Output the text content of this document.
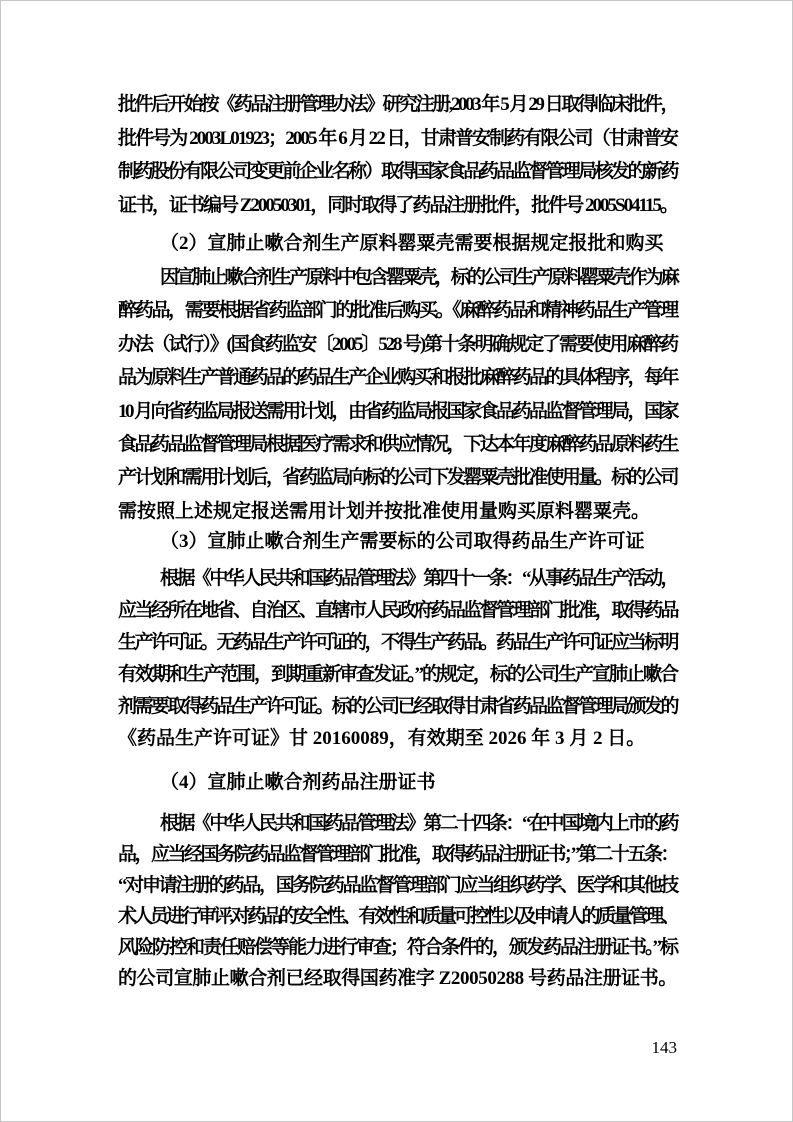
批件后开始按《药品注册管理办法》研究注册,2003 年 5 月 29 日取得临床批件，
批件号为 2003L01923；2005 年 6 月 22 日，甘肃普安制药有限公司（甘肃普安
制药股份有限公司变更前企业名称）取得国家食品药品监督管理局核发的新药
证书，证书编号 Z20050301，同时取得了药品注册批件，批件号 2005S04115。
（2）宣肺止嗽合剂生产原料罂粟壳需要根据规定报批和购买
因宣肺止嗽合剂生产原料中包含罂粟壳，标的公司生产原料罂粟壳作为麻
醉药品，需要根据省药监部门的批准后购买。《麻醉药品和精神药品生产管理
办法（试行）》(国食药监安〔2005〕528 号)第十条明确规定了需要使用麻醉药
品为原料生产普通药品的药品生产企业购买和报批麻醉药品的具体程序，每年
10 月向省药监局报送需用计划，由省药监局报国家食品药品监督管理局，国家
食品药品监督管理局根据医疗需求和供应情况，下达本年度麻醉药品原料药生
产计划和需用计划后，省药监局向标的公司下发罂粟壳批准使用量。标的公司
需按照上述规定报送需用计划并按批准使用量购买原料罂粟壳。
（3）宣肺止嗽合剂生产需要标的公司取得药品生产许可证
根据《中华人民共和国药品管理法》第四十一条：“从事药品生产活动，
应当经所在地省、自治区、直辖市人民政府药品监督管理部门批准，取得药品
生产许可证。无药品生产许可证的，不得生产药品。药品生产许可证应当标明
有效期和生产范围，到期重新审查发证。”的规定，标的公司生产宣肺止嗽合
剂需要取得药品生产许可证。标的公司已经取得甘肃省药品监督管理局颁发的
《药品生产许可证》甘 20160089，有效期至 2026 年 3 月 2 日。
（4）宣肺止嗽合剂药品注册证书
根据《中华人民共和国药品管理法》第二十四条：“在中国境内上市的药
品，应当经国务院药品监督管理部门批准，取得药品注册证书；”第二十五条：
“对申请注册的药品，国务院药品监督管理部门应当组织药学、医学和其他技
术人员进行审评,对药品的安全性、有效性和质量可控性以及申请人的质量管理、
风险防控和责任赔偿等能力进行审查；符合条件的，颁发药品注册证书。”标
的公司宣肺止嗽合剂已经取得国药准字 Z20050288 号药品注册证书。
143
